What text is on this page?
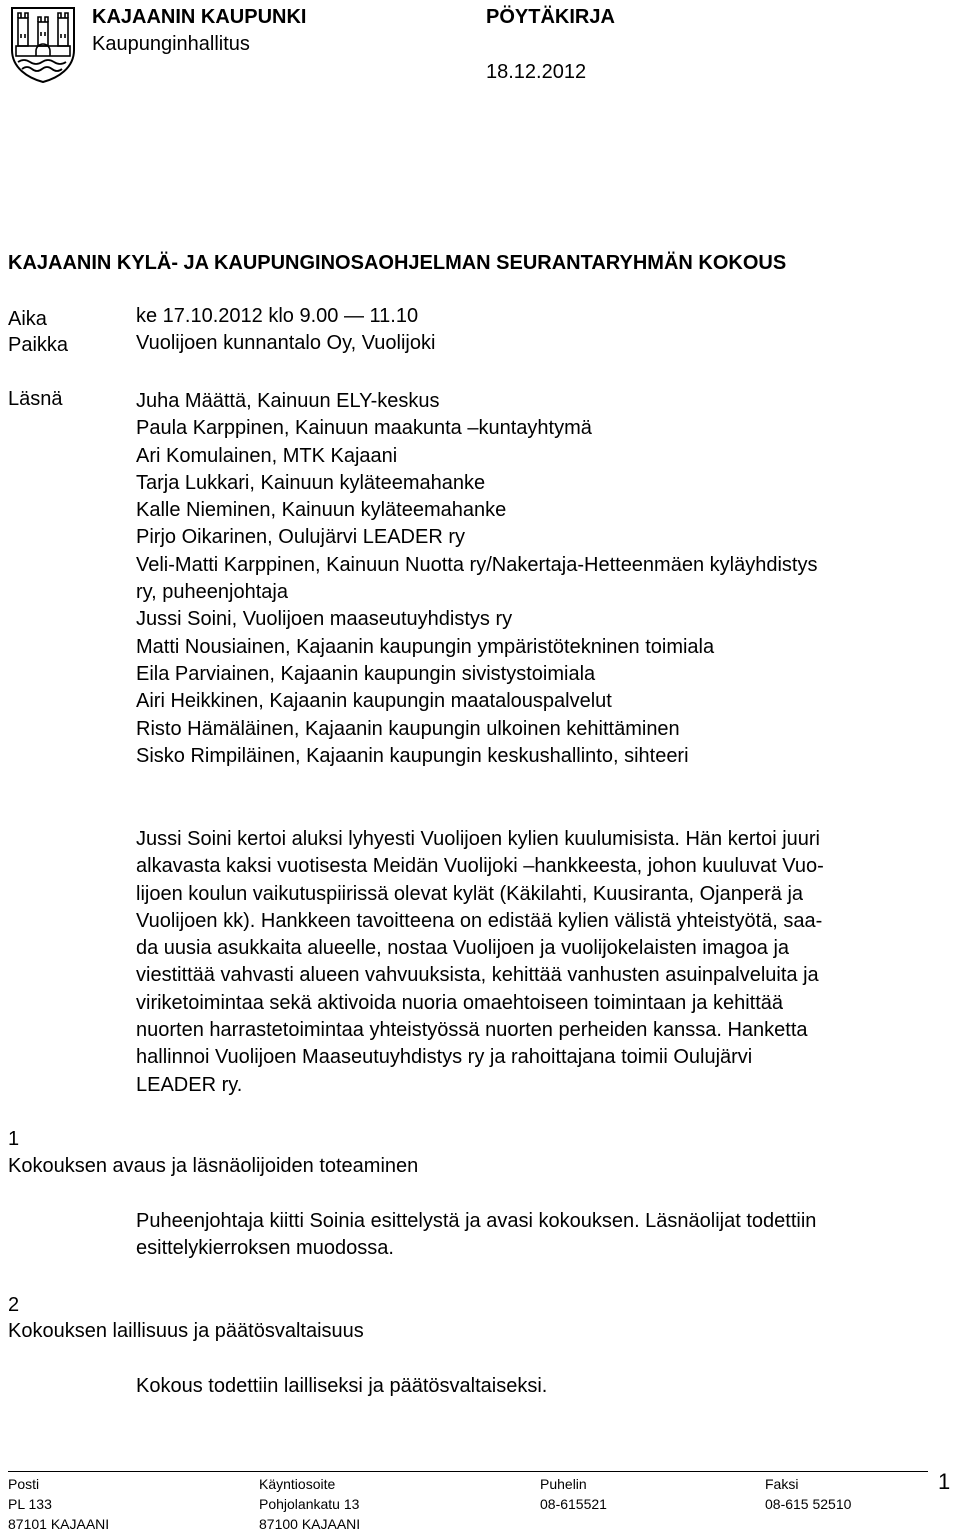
KAJAANIN KAUPUNKI
Kaupunginhallitus
PÖYTÄKIRJA
18.12.2012
KAJAANIN KYLÄ- JA KAUPUNGINOSAOHJELMAN SEURANTARYHMÄN KOKOUS
Aika	ke 17.10.2012 klo 9.00 — 11.10
Paikka	Vuolijoen kunnantalo Oy, Vuolijoki
Läsnä	Juha Määttä, Kainuun ELY-keskus
Paula Karppinen, Kainuun maakunta –kuntayhtymä
Ari Komulainen, MTK Kajaani
Tarja Lukkari, Kainuun kyläteemahanke
Kalle Nieminen, Kainuun kyläteemahanke
Pirjo Oikarinen, Oulujärvi LEADER ry
Veli-Matti Karppinen, Kainuun Nuotta ry/Nakertaja-Hetteenmäen kyläyhdistys
ry, puheenjohtaja
Jussi Soini, Vuolijoen maaseutuyhdistys ry
Matti Nousiainen, Kajaanin kaupungin ympäristötekninen toimiala
Eila Parviainen, Kajaanin kaupungin sivistystoimiala
Airi Heikkinen, Kajaanin kaupungin maatalouspalvelut
Risto Hämäläinen, Kajaanin kaupungin ulkoinen kehittäminen
Sisko Rimpiläinen, Kajaanin kaupungin keskushallinto, sihteeri
Jussi Soini kertoi aluksi lyhyesti Vuolijoen kylien kuulumisista. Hän kertoi juuri
alkavasta kaksi vuotisesta Meidän Vuolijoki –hankkeesta, johon kuuluvat Vuo-
lijoen koulun vaikutuspiirissä olevat kylät (Käkilahti, Kuusiranta, Ojanperä ja
Vuolijoen kk). Hankkeen tavoitteena on edistää kylien välistä yhteistyötä, saa-
da uusia asukkaita alueelle, nostaa Vuolijoen ja vuolijokelaisten imagoa ja
viestittää vahvasti alueen vahvuuksista, kehittää vanhusten asuinpalveluita ja
viriketoimintaa sekä aktivoida nuoria omaehtoiseen toimintaan ja kehittää
nuorten harrastetoimintaa yhteistyössä nuorten perheiden kanssa. Hanketta
hallinnoi Vuolijoen Maaseutuyhdistys ry ja rahoittajana toimii Oulujärvi
LEADER ry.
1
Kokouksen avaus ja läsnäolijoiden toteaminen
Puheenjohtaja kiitti Soinia esittelystä ja avasi kokouksen. Läsnäolijat todettiin
esittelykierroksen muodossa.
2
Kokouksen laillisuus ja päätösvaltaisuus
Kokous todettiin lailliseksi ja päätösvaltaiseksi.
Posti
PL 133
87101 KAJAANI
Käyntiosoite
Pohjolankatu 13
87100 KAJAANI
Puhelin
08-615521
Faksi
08-615 52510
1
